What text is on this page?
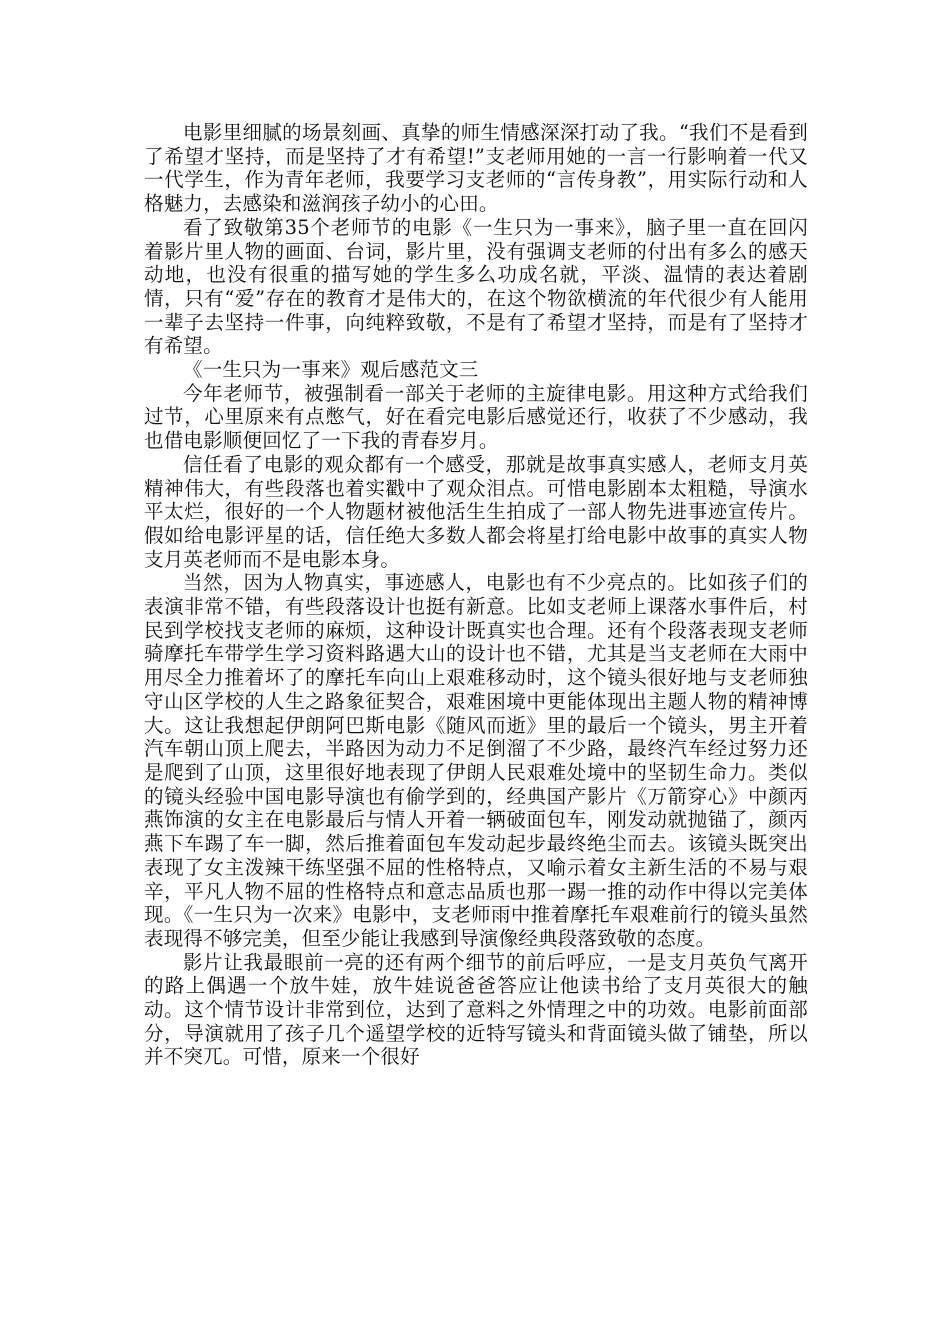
电影里细腻的场景刻画、真挚的师生情感深深打动了我。“我们不是看到了希望才坚持，而是坚持了才有希望!”支老师用她的一言一行影响着一代又一代学生，作为青年老师，我要学习支老师的“言传身教”，用实际行动和人格魅力，去感染和滋润孩子幼小的心田。

看了致敬第35个老师节的电影《一生只为一事来》，脑子里一直在回闪着影片里人物的画面、台词，影片里，没有强调支老师的付出有多么的感天动地，也没有很重的描写她的学生多么功成名就，平淡、温情的表达着剧情，只有“爱”存在的教育才是伟大的，在这个物欲横流的年代很少有人能用一辈子去坚持一件事，向纯粹致敬，不是有了希望才坚持，而是有了坚持才有希望。

《一生只为一事来》观后感范文三

今年老师节，被强制看一部关于老师的主旋律电影。用这种方式给我们过节，心里原来有点憋气，好在看完电影后感觉还行，收获了不少感动，我也借电影顺便回忆了一下我的青春岁月。

信任看了电影的观众都有一个感受，那就是故事真实感人，老师支月英精神伟大，有些段落也着实戳中了观众泪点。可惜电影剧本太粗糙，导演水平太烂，很好的一个人物题材被他活生生拍成了一部人物先进事迹宣传片。假如给电影评星的话，信任绝大多数人都会将星打给电影中故事的真实人物支月英老师而不是电影本身。

当然，因为人物真实，事迹感人，电影也有不少亮点的。比如孩子们的表演非常不错，有些段落设计也挺有新意。比如支老师上课落水事件后，村民到学校找支老师的麻烦，这种设计既真实也合理。还有个段落表现支老师骑摩托车带学生学习资料路遇大山的设计也不错，尤其是当支老师在大雨中用尽全力推着坏了的摩托车向山上艰难移动时，这个镜头很好地与支老师独守山区学校的人生之路象征契合，艰难困境中更能体现出主题人物的精神博大。这让我想起伊朗阿巴斯电影《随风而逝》里的最后一个镜头，男主开着汽车朝山顶上爬去，半路因为动力不足倒溜了不少路，最终汽车经过努力还是爬到了山顶，这里很好地表现了伊朗人民艰难处境中的坚韧生命力。类似的镜头经验中国电影导演也有偷学到的，经典国产影片《万箭穿心》中颜丙燕饰演的女主在电影最后与情人开着一辆破面包车，刚发动就抛锚了，颜丙燕下车踢了车一脚，然后推着面包车发动起步最终绝尘而去。该镜头既突出表现了女主泼辣干练坚强不屈的性格特点，又喻示着女主新生活的不易与艰辛，平凡人物不屈的性格特点和意志品质也那一踢一推的动作中得以完美体现。《一生只为一次来》电影中，支老师雨中推着摩托车艰难前行的镜头虽然表现得不够完美，但至少能让我感到导演像经典段落致敬的态度。

影片让我最眼前一亮的还有两个细节的前后呼应，一是支月英负气离开的路上偶遇一个放牛娃，放牛娃说爸爸答应让他读书给了支月英很大的触动。这个情节设计非常到位，达到了意料之外情理之中的功效。电影前面部分，导演就用了孩子几个遥望学校的近特写镜头和背面镜头做了铺垫，所以并不突兀。可惜，原来一个很好
